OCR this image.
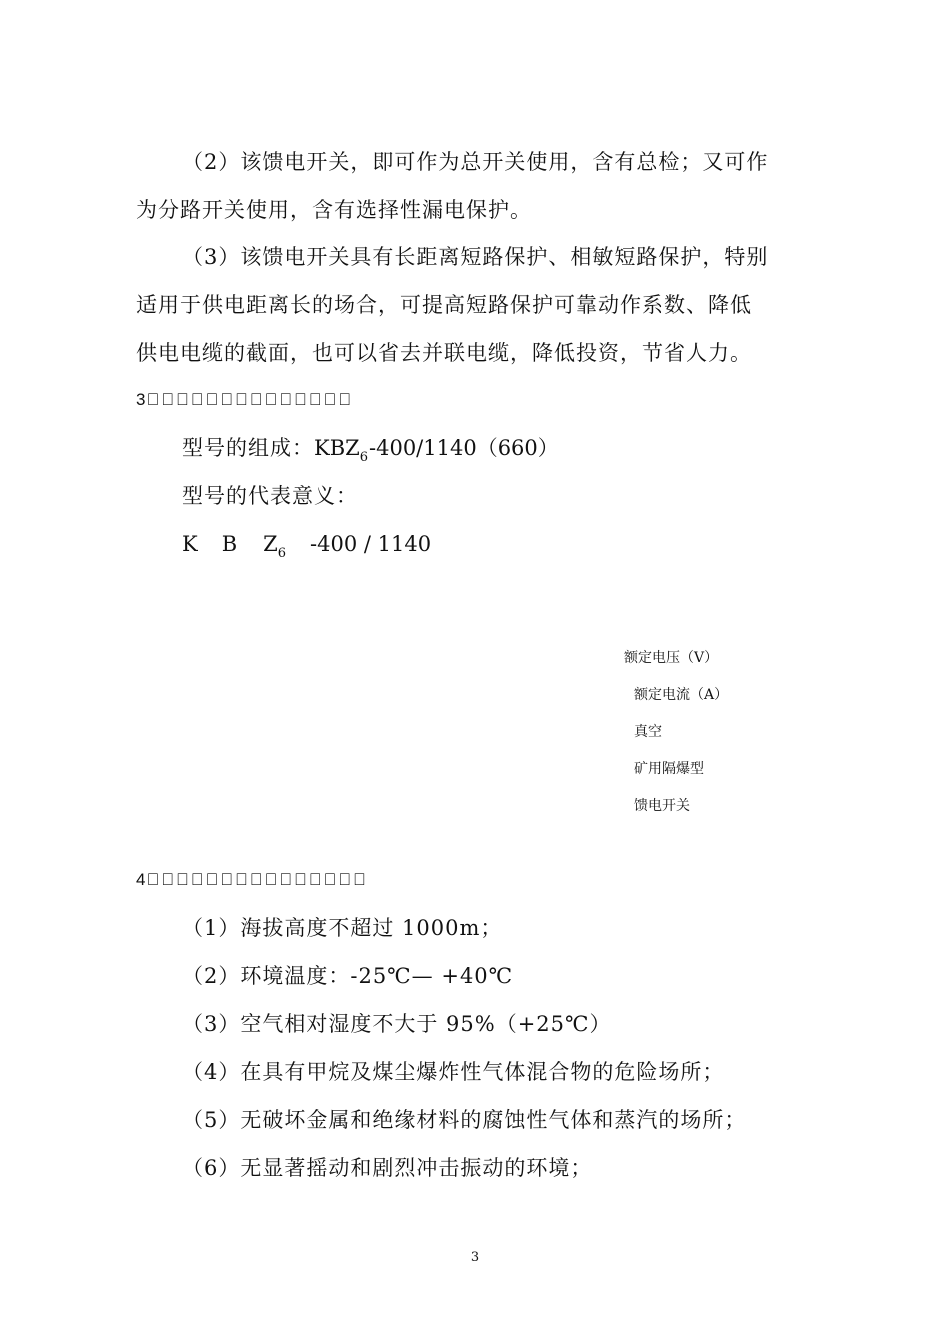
（2）该馈电开关，即可作为总开关使用，含有总检；又可作
为分路开关使用，含有选择性漏电保护。
（3）该馈电开关具有长距离短路保护、相敏短路保护，特别
适用于供电距离长的场合，可提高短路保护可靠动作系数、降低
供电电缆的截面，也可以省去并联电缆，降低投资，节省人力。
3              
型号的组成：$KBZ_6-400/1140(660)$
型号的代表意义：
K B $Z_6$ -400 / 1140
额定电压（V）
额定电流（A）
真空
矿用隔爆型
馈电开关
4               
（1）海拔高度不超过 1000m；
（2）环境温度：-25℃— +40℃
（3）空气相对湿度不大于 95%（+25℃）
（4）在具有甲烷及煤尘爆炸性气体混合物的危险场所；
（5）无破坏金属和绝缘材料的腐蚀性气体和蒸汽的场所；
（6）无显著摇动和剧烈冲击振动的环境；
3
